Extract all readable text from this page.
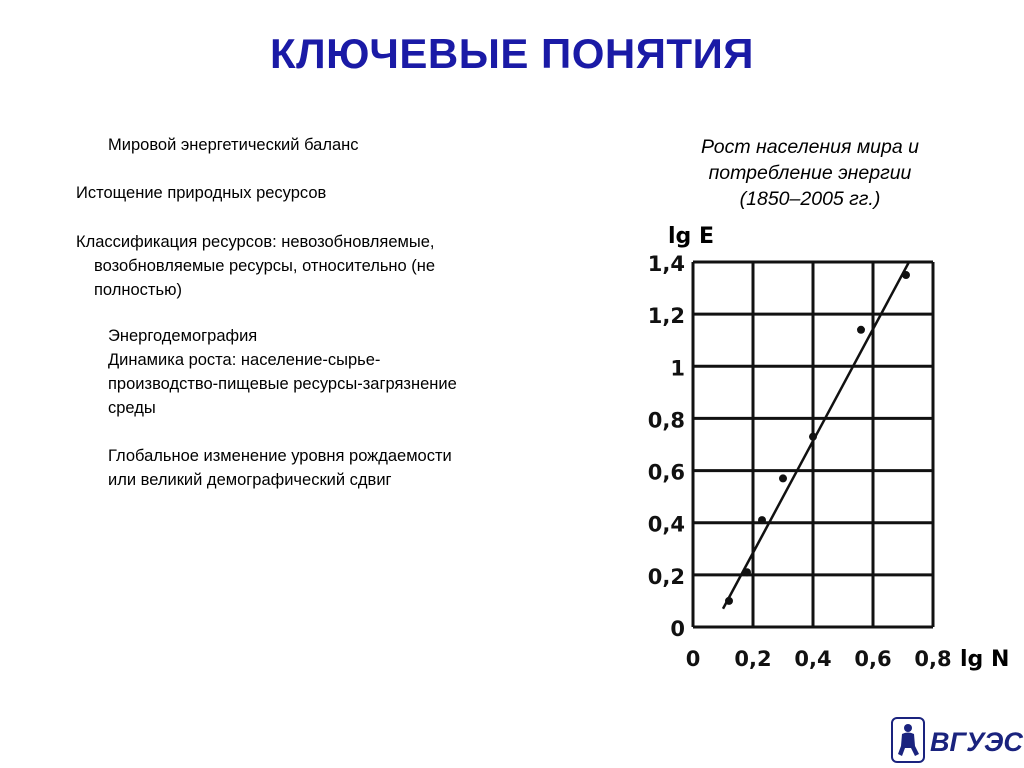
КЛЮЧЕВЫЕ ПОНЯТИЯ
Мировой энергетический баланс
Истощение природных ресурсов
Классификация ресурсов: невозобновляемые,
возобновляемые ресурсы, относительно (не
полностью)
Энергодемография
Динамика роста: население-сырье-
производство-пищевые ресурсы-загрязнение
среды
Глобальное изменение уровня рождаемости
или великий демографический сдвиг
Рост населения мира и
потребление энергии
(1850–2005 гг.)
0
0,2
0,4
0,6
0,8
1
1,2
1,4
0 0,2 0,4 0,6 0,8
lg E
lg N
ВГУЭС
